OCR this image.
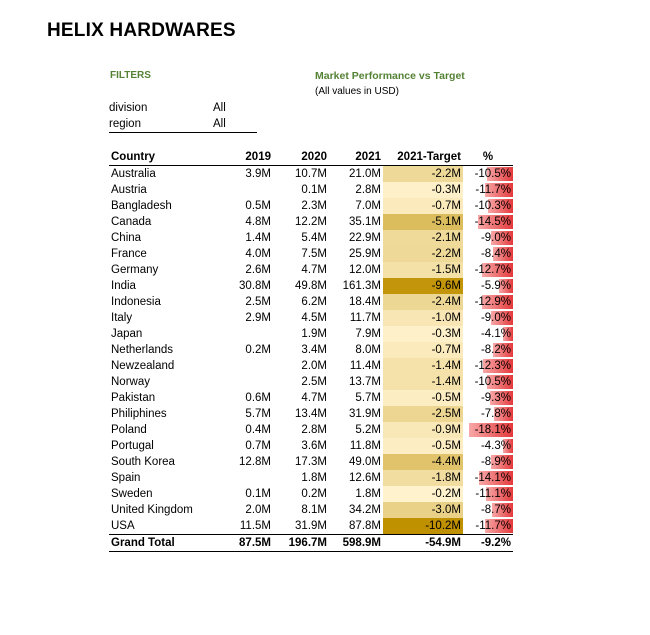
HELIX HARDWARES
FILTERS
division	All
region	All
Market Performance vs Target
(All values in USD)
Country	2019	2020	2021	2021-Target	%
Australia	3.9M	10.7M	21.0M	-2.2M	-10.5%
Austria		0.1M	2.8M	-0.3M	-11.7%
Bangladesh	0.5M	2.3M	7.0M	-0.7M	-10.3%
Canada	4.8M	12.2M	35.1M	-5.1M	-14.5%
China	1.4M	5.4M	22.9M	-2.1M	-9.0%
France	4.0M	7.5M	25.9M	-2.2M	-8.4%
Germany	2.6M	4.7M	12.0M	-1.5M	-12.7%
India	30.8M	49.8M	161.3M	-9.6M	-5.9%
Indonesia	2.5M	6.2M	18.4M	-2.4M	-12.9%
Italy	2.9M	4.5M	11.7M	-1.0M	-9.0%
Japan		1.9M	7.9M	-0.3M	-4.1%
Netherlands	0.2M	3.4M	8.0M	-0.7M	-8.2%
Newzealand		2.0M	11.4M	-1.4M	-12.3%
Norway		2.5M	13.7M	-1.4M	-10.5%
Pakistan	0.6M	4.7M	5.7M	-0.5M	-9.3%
Philiphines	5.7M	13.4M	31.9M	-2.5M	-7.8%
Poland	0.4M	2.8M	5.2M	-0.9M	-18.1%
Portugal	0.7M	3.6M	11.8M	-0.5M	-4.3%
South Korea	12.8M	17.3M	49.0M	-4.4M	-8.9%
Spain		1.8M	12.6M	-1.8M	-14.1%
Sweden	0.1M	0.2M	1.8M	-0.2M	-11.1%
United Kingdom	2.0M	8.1M	34.2M	-3.0M	-8.7%
USA	11.5M	31.9M	87.8M	-10.2M	-11.7%
Grand Total	87.5M	196.7M	598.9M	-54.9M	-9.2%
